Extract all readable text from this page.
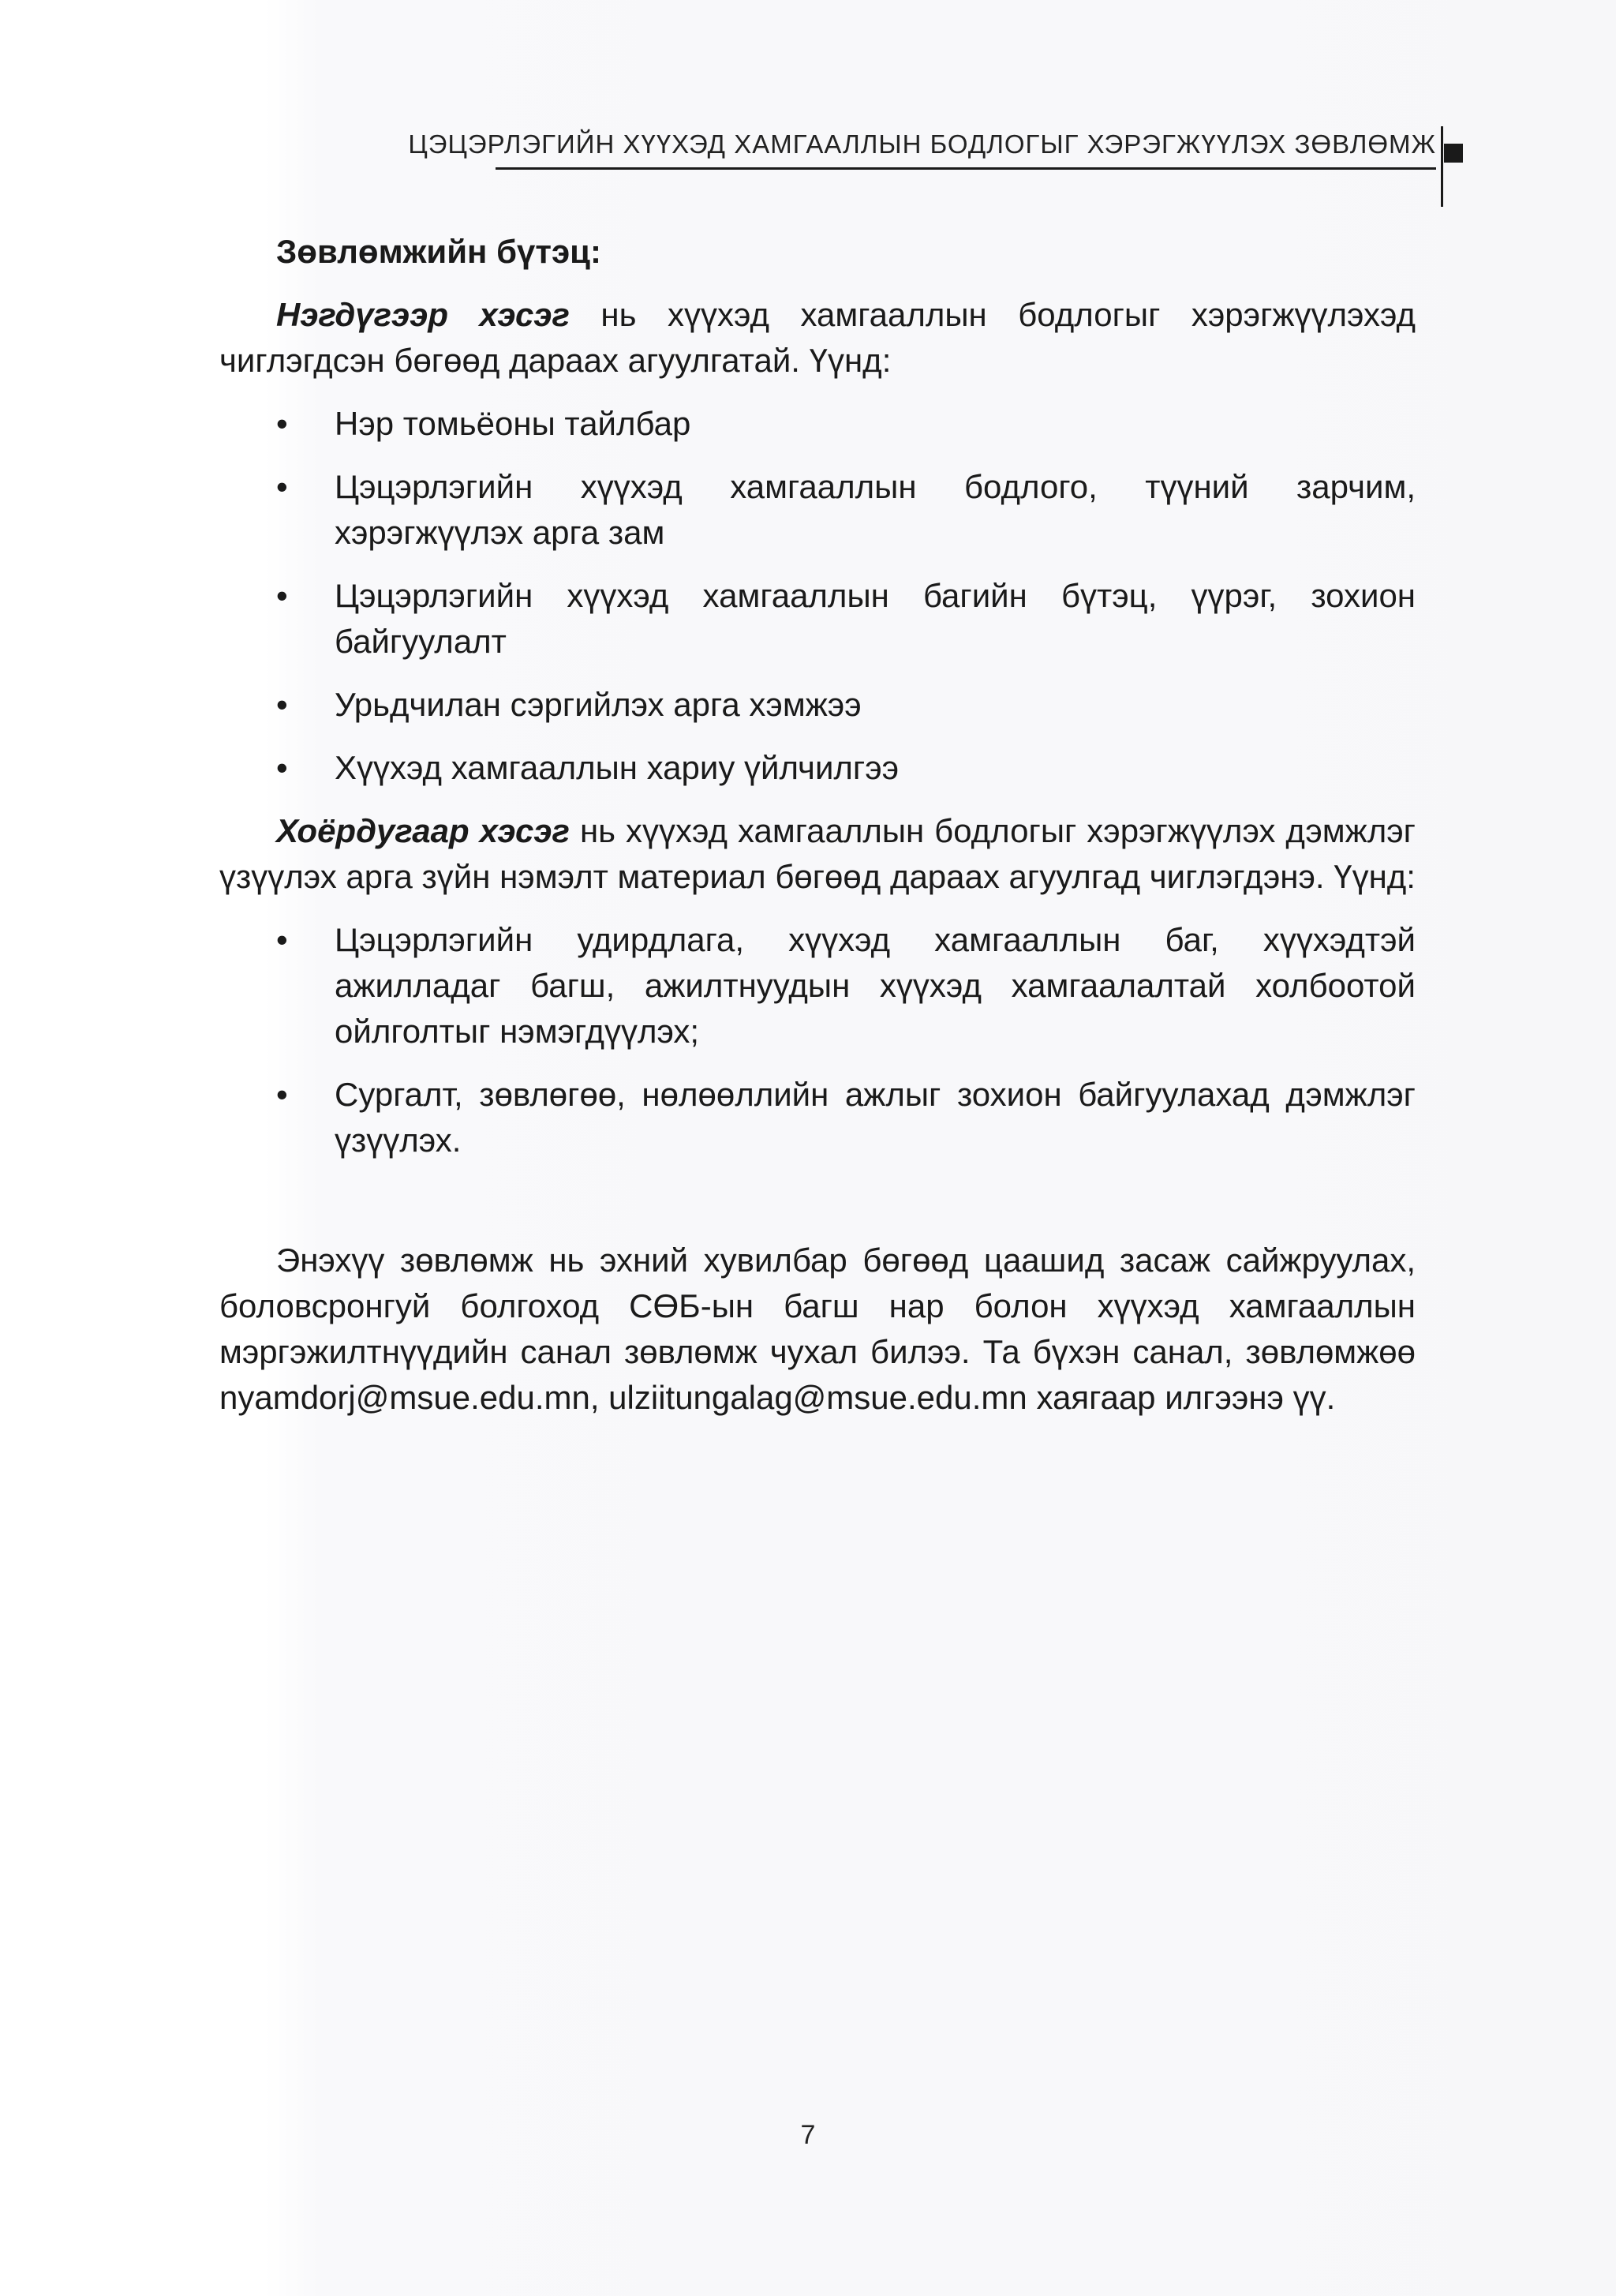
ЦЭЦЭРЛЭГИЙН ХҮҮХЭД ХАМГААЛЛЫН БОДЛОГЫГ ХЭРЭГЖҮҮЛЭХ ЗӨВЛӨМЖ

Зөвлөмжийн бүтэц:

Нэгдүгээр хэсэг нь хүүхэд хамгааллын бодлогыг хэрэгжүүлэхэд чиглэгдсэн бөгөөд дараах агуулгатай. Үүнд:

• Нэр томьёоны тайлбар
• Цэцэрлэгийн хүүхэд хамгааллын бодлого, түүний зарчим, хэрэгжүүлэх арга зам
• Цэцэрлэгийн хүүхэд хамгааллын багийн бүтэц, үүрэг, зохион байгуулалт
• Урьдчилан сэргийлэх арга хэмжээ
• Хүүхэд хамгааллын хариу үйлчилгээ

Хоёрдугаар хэсэг нь хүүхэд хамгааллын бодлогыг хэрэгжүүлэх дэмжлэг үзүүлэх арга зүйн нэмэлт материал бөгөөд дараах агуулгад чиглэгдэнэ. Үүнд:

• Цэцэрлэгийн удирдлага, хүүхэд хамгааллын баг, хүүхэдтэй ажилладаг багш, ажилтнуудын хүүхэд хамгаалалтай холбоотой ойлголтыг нэмэгдүүлэх;
• Сургалт, зөвлөгөө, нөлөөллийн ажлыг зохион байгуулахад дэмжлэг үзүүлэх.

Энэхүү зөвлөмж нь эхний хувилбар бөгөөд цаашид засаж сайжруулах, боловсронгуй болгоход СӨБ-ын багш нар болон хүүхэд хамгааллын мэргэжилтнүүдийн санал зөвлөмж чухал билээ. Та бүхэн санал, зөвлөмжөө nyamdorj@msue.edu.mn, ulziitungalag@msue.edu.mn хаягаар илгээнэ үү.

7
